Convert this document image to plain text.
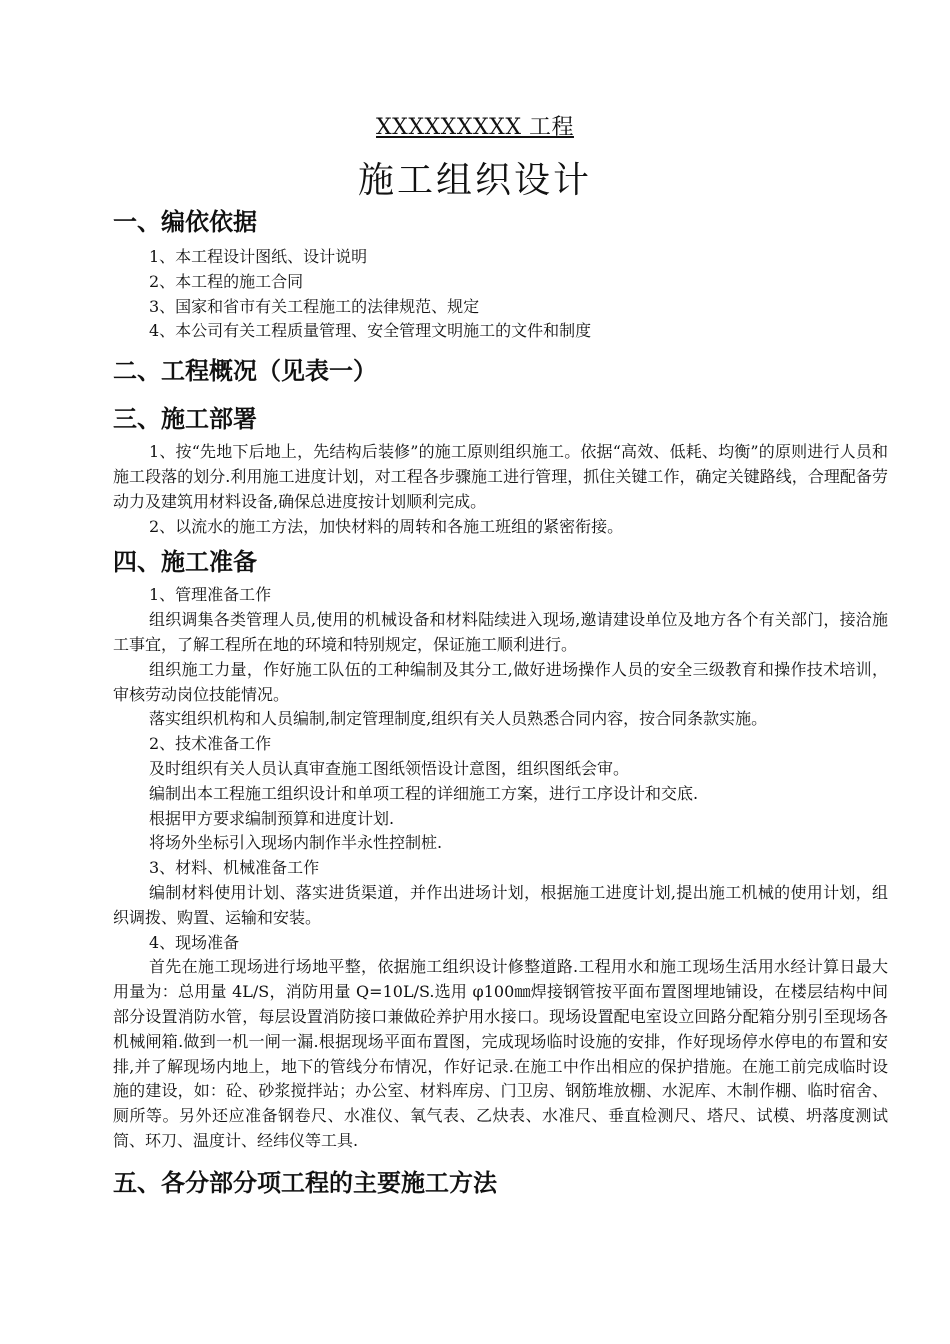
XXXXXXXXX 工程
施工组织设计
一、编依依据

1、本工程设计图纸、设计说明

2、本工程的施工合同

3、国家和省市有关工程施工的法律规范、规定

4、本公司有关工程质量管理、安全管理文明施工的文件和制度

二、工程概况（见表一）
三、施工部署

1、按“先地下后地上，先结构后装修”的施工原则组织施工。依据“高效、低耗、均衡”的原则进行人员和施工段落的划分.利用施工进度计划，对工程各步骤施工进行管理，抓住关键工作，确定关键路线，合理配备劳动力及建筑用材料设备,确保总进度按计划顺利完成。

2、以流水的施工方法，加快材料的周转和各施工班组的紧密衔接。

四、施工准备

1、管理准备工作

组织调集各类管理人员,使用的机械设备和材料陆续进入现场,邀请建设单位及地方各个有关部门，接洽施工事宜，了解工程所在地的环境和特别规定，保证施工顺利进行。

组织施工力量，作好施工队伍的工种编制及其分工,做好进场操作人员的安全三级教育和操作技术培训，审核劳动岗位技能情况。

落实组织机构和人员编制,制定管理制度,组织有关人员熟悉合同内容，按合同条款实施。

2、技术准备工作

及时组织有关人员认真审查施工图纸领悟设计意图，组织图纸会审。

编制出本工程施工组织设计和单项工程的详细施工方案，进行工序设计和交底.

根据甲方要求编制预算和进度计划.

将场外坐标引入现场内制作半永性控制桩.

3、材料、机械准备工作

编制材料使用计划、落实进货渠道，并作出进场计划，根据施工进度计划,提出施工机械的使用计划，组织调拨、购置、运输和安装。

4、现场准备

首先在施工现场进行场地平整，依据施工组织设计修整道路.工程用水和施工现场生活用水经计算日最大用量为：总用量 4L/S，消防用量 Q=10L/S.选用 φ100㎜焊接钢管按平面布置图埋地铺设，在楼层结构中间部分设置消防水管，每层设置消防接口兼做砼养护用水接口。现场设置配电室设立回路分配箱分别引至现场各机械闸箱.做到一机一闸一漏.根据现场平面布置图，完成现场临时设施的安排，作好现场停水停电的布置和安排,并了解现场内地上，地下的管线分布情况，作好记录.在施工中作出相应的保护措施。在施工前完成临时设施的建设，如：砼、砂浆搅拌站；办公室、材料库房、门卫房、钢筋堆放棚、水泥库、木制作棚、临时宿舍、厕所等。另外还应准备钢卷尺、水准仪、氧气表、乙炔表、水准尺、垂直检测尺、塔尺、试模、坍落度测试筒、环刀、温度计、经纬仪等工具.

五、各分部分项工程的主要施工方法
